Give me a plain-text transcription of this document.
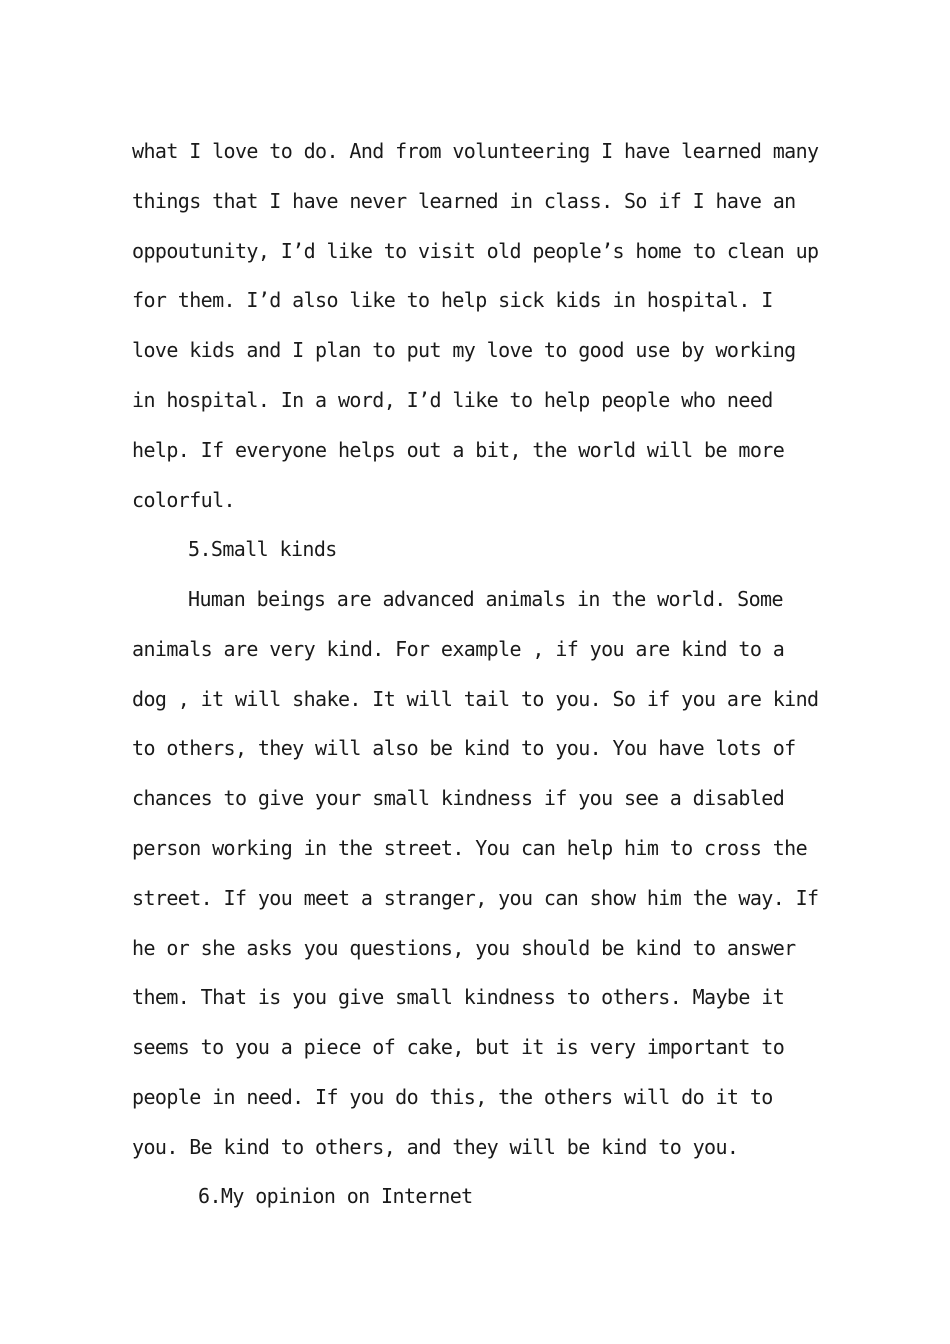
what I love to do. And from volunteering I have learned many
things that I have never learned in class. So if I have an
oppoutunity, I’d like to visit old people’s home to clean up
for them. I’d also like to help sick kids in hospital. I
love kids and I plan to put my love to good use by working
in hospital. In a word, I’d like to help people who need
help. If everyone helps out a bit, the world will be more
colorful.
5.Small kinds
Human beings are advanced animals in the world. Some
animals are very kind. For example , if you are kind to a
dog , it will shake. It will tail to you. So if you are kind
to others, they will also be kind to you. You have lots of
chances to give your small kindness if you see a disabled
person working in the street. You can help him to cross the
street. If you meet a stranger, you can show him the way. If
he or she asks you questions, you should be kind to answer
them. That is you give small kindness to others. Maybe it
seems to you a piece of cake, but it is very important to
people in need. If you do this, the others will do it to
you. Be kind to others, and they will be kind to you.
6.My opinion on Internet
